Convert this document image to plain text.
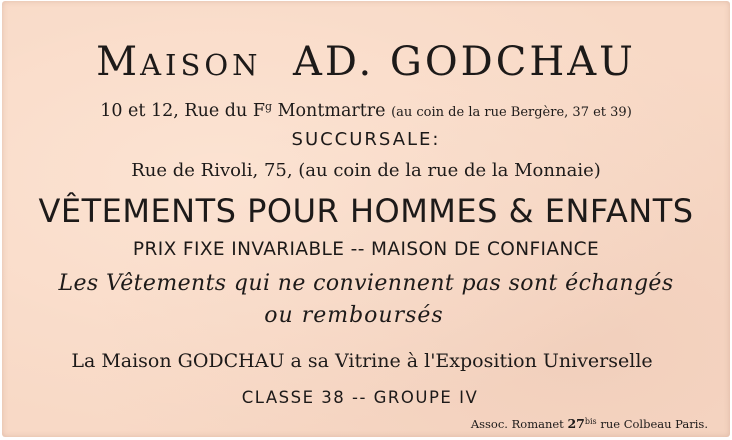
MAISON AD. GODCHAU
10 et 12, Rue du $F^g$ Montmartre (au coin de la rue Bergère, 37 et 39)
SUCCURSALE:
Rue de Rivoli, 75, (au coin de la rue de la Monnaie)
VÊTEMENTS POUR HOMMES & ENFANTS
PRIX FIXE INVARIABLE -- MAISON DE CONFIANCE
Les Vêtements qui ne conviennent pas sont échangés
ou remboursés
La Maison GODCHAU a sa Vitrine à l'Exposition Universelle
CLASSE 38 -- GROUPE IV
Assoc. Romanet $27^{bis}$ rue Colbeau Paris.
